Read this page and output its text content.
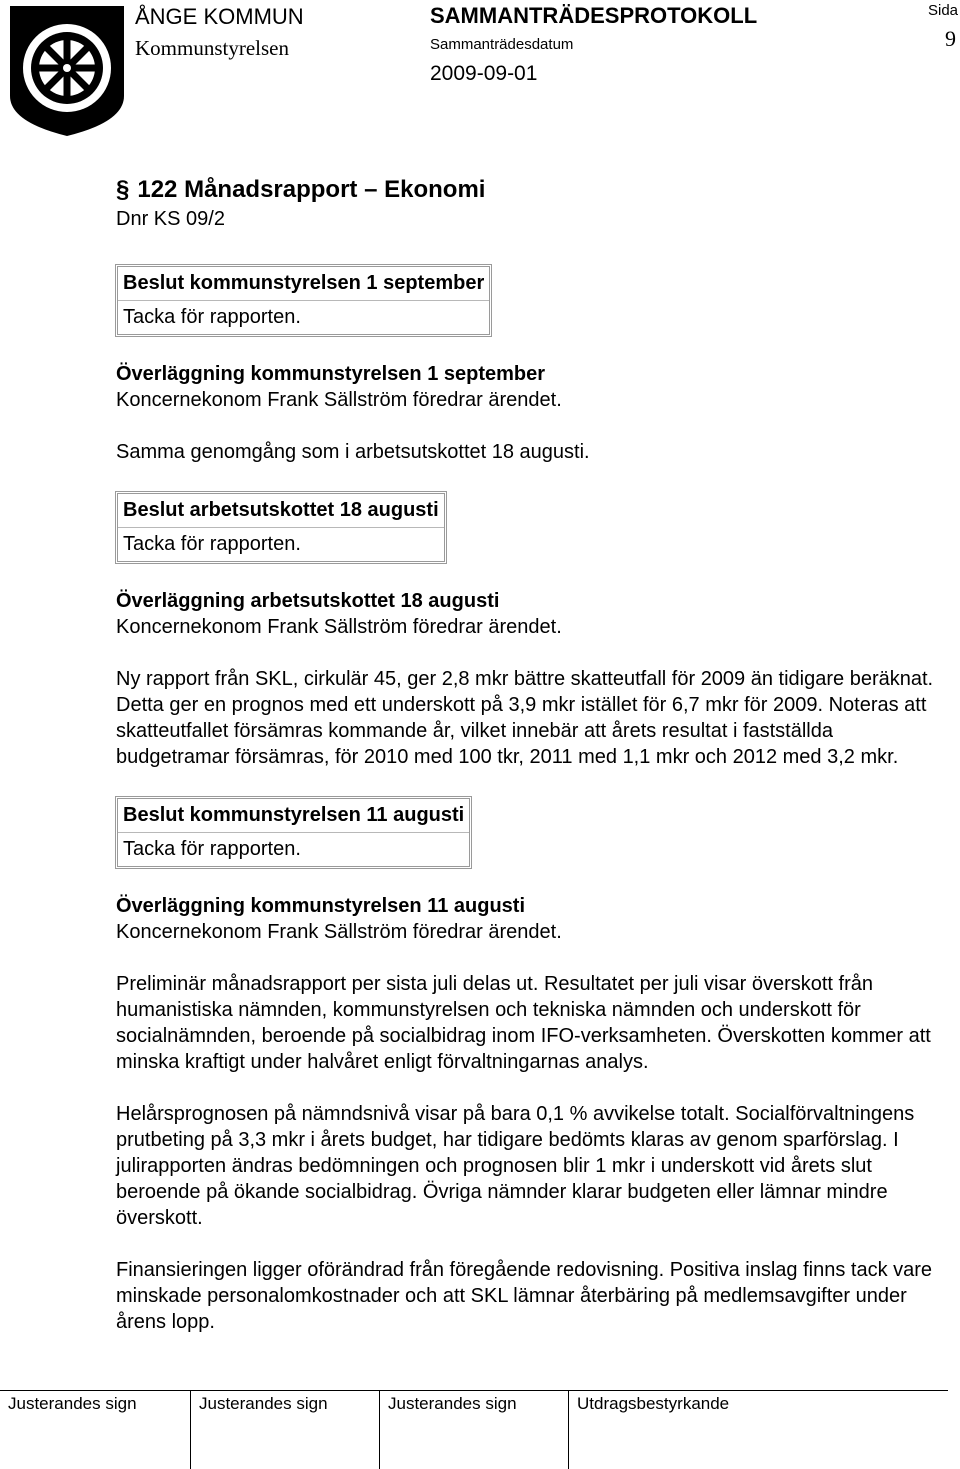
ÅNGE KOMMUN
Kommunstyrelsen
SAMMANTRÄDESPROTOKOLL
Sammanträdesdatum
2009-09-01
Sida
9
§ 122 Månadsrapport – Ekonomi
Dnr KS 09/2
Beslut kommunstyrelsen 1 september
Tacka för rapporten.

Överläggning kommunstyrelsen 1 september

Koncernekonom Frank Sällström föredrar ärendet.

Samma genomgång som i arbetsutskottet 18 augusti.

Beslut arbetsutskottet 18 augusti
Tacka för rapporten.

Överläggning arbetsutskottet 18 augusti

Koncernekonom Frank Sällström föredrar ärendet.

Ny rapport från SKL, cirkulär 45, ger 2,8 mkr bättre skatteutfall för 2009 än tidigare beräknat. Detta ger en prognos med ett underskott på 3,9 mkr istället för 6,7 mkr för 2009. Noteras att skatteutfallet försämras kommande år, vilket innebär att årets resultat i fastställda budgetramar försämras, för 2010 med 100 tkr, 2011 med 1,1 mkr och 2012 med 3,2 mkr.

Beslut kommunstyrelsen 11 augusti
Tacka för rapporten.

Överläggning kommunstyrelsen 11 augusti

Koncernekonom Frank Sällström föredrar ärendet.

Preliminär månadsrapport per sista juli delas ut. Resultatet per juli visar överskott från humanistiska nämnden, kommunstyrelsen och tekniska nämnden och underskott för socialnämnden, beroende på socialbidrag inom IFO-verksamheten. Överskotten kommer att minska kraftigt under halvåret enligt förvaltningarnas analys.

Helårsprognosen på nämndsnivå visar på bara 0,1 % avvikelse totalt. Socialförvaltningens prutbeting på 3,3 mkr i årets budget, har tidigare bedömts klaras av genom sparförslag. I julirapporten ändras bedömningen och prognosen blir 1 mkr i underskott vid årets slut beroende på ökande socialbidrag. Övriga nämnder klarar budgeten eller lämnar mindre överskott.

Finansieringen ligger oförändrad från föregående redovisning. Positiva inslag finns tack vare minskade personalomkostnader och att SKL lämnar återbäring på medlemsavgifter under årens lopp.

Justerandes sign	Justerandes sign	Justerandes sign	Utdragsbestyrkande
